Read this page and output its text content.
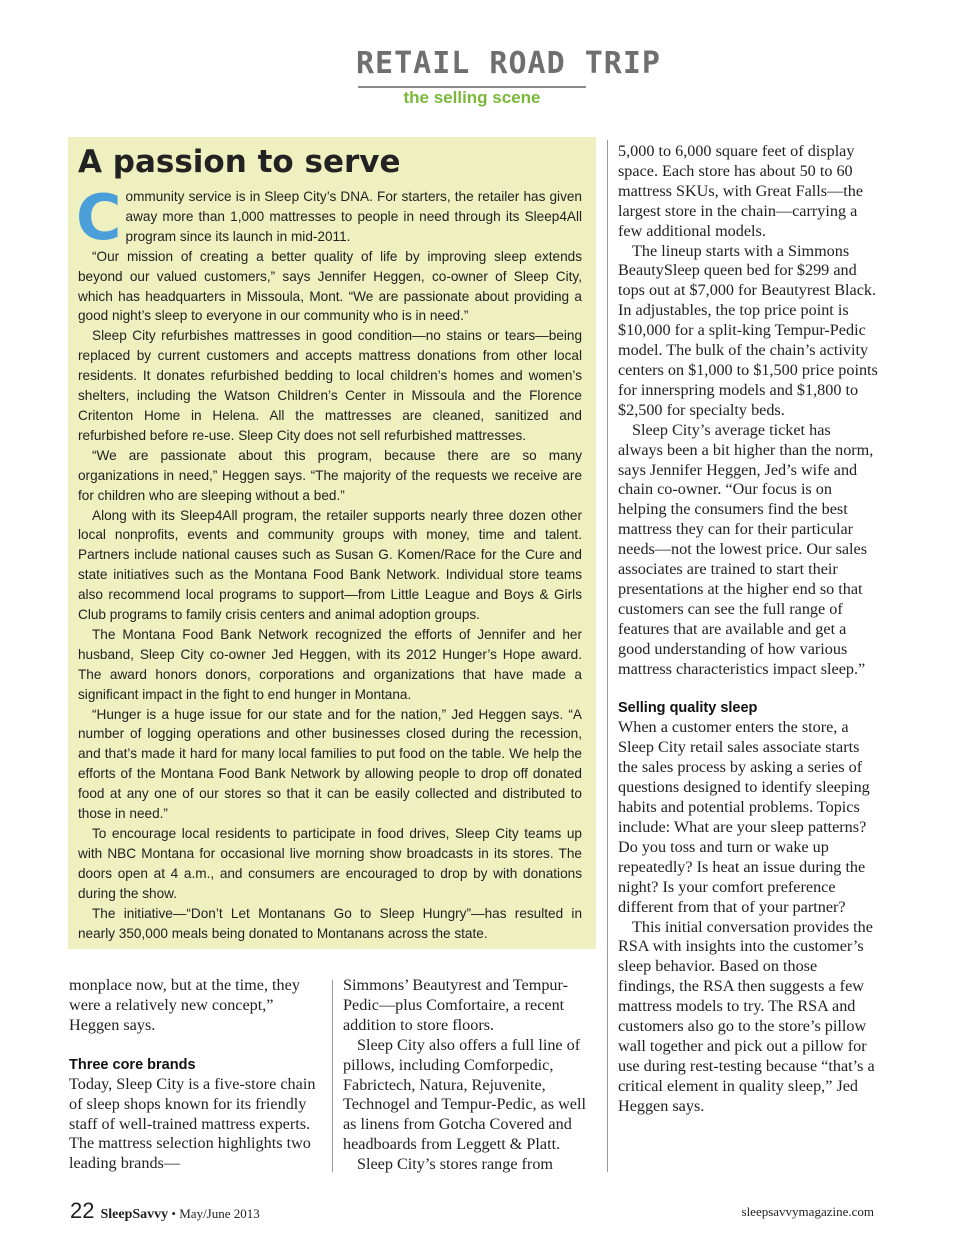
RETAIL ROAD TRIP
the selling scene
A passion to serve

Community service is in Sleep City’s DNA. For starters, the retailer has given away more than 1,000 mattresses to people in need through its Sleep4All program since its launch in mid-2011.

“Our mission of creating a better quality of life by improving sleep extends beyond our valued customers,” says Jennifer Heggen, co-owner of Sleep City, which has headquarters in Missoula, Mont. “We are passionate about providing a good night’s sleep to everyone in our community who is in need.”

Sleep City refurbishes mattresses in good condition—no stains or tears—being replaced by current customers and accepts mattress donations from other local residents. It donates refurbished bedding to local children’s homes and women’s shelters, including the Watson Children’s Center in Missoula and the Florence Critenton Home in Helena. All the mattresses are cleaned, sanitized and refurbished before re-use. Sleep City does not sell refurbished mattresses.

“We are passionate about this program, because there are so many organizations in need,” Heggen says. “The majority of the requests we receive are for children who are sleeping without a bed.”

Along with its Sleep4All program, the retailer supports nearly three dozen other local nonprofits, events and community groups with money, time and talent. Partners include national causes such as Susan G. Komen/Race for the Cure and state initiatives such as the Montana Food Bank Network. Individual store teams also recommend local programs to support—from Little League and Boys & Girls Club programs to family crisis centers and animal adoption groups.

The Montana Food Bank Network recognized the efforts of Jennifer and her husband, Sleep City co-owner Jed Heggen, with its 2012 Hunger’s Hope award. The award honors donors, corporations and organizations that have made a significant impact in the fight to end hunger in Montana.

“Hunger is a huge issue for our state and for the nation,” Jed Heggen says. “A number of logging operations and other businesses closed during the recession, and that’s made it hard for many local families to put food on the table. We help the efforts of the Montana Food Bank Network by allowing people to drop off donated food at any one of our stores so that it can be easily collected and distributed to those in need.”

To encourage local residents to participate in food drives, Sleep City teams up with NBC Montana for occasional live morning show broadcasts in its stores. The doors open at 4 a.m., and consumers are encouraged to drop by with donations during the show.

The initiative—“Don’t Let Montanans Go to Sleep Hungry”—has resulted in nearly 350,000 meals being donated to Montanans across the state.

monplace now, but at the time, they were a relatively new concept,” Heggen says.

Three core brands

Today, Sleep City is a five-store chain of sleep shops known for its friendly staff of well-trained mattress experts. The mattress selection highlights two leading brands—

Simmons’ Beautyrest and Tempur-Pedic—plus Comfortaire, a recent addition to store floors.

Sleep City also offers a full line of pillows, including Comforpedic, Fabrictech, Natura, Rejuvenite, Technogel and Tempur-Pedic, as well as linens from Gotcha Covered and headboards from Leggett & Platt.

Sleep City’s stores range from

5,000 to 6,000 square feet of display space. Each store has about 50 to 60 mattress SKUs, with Great Falls—the largest store in the chain—carrying a few additional models.

The lineup starts with a Simmons BeautySleep queen bed for $299 and tops out at $7,000 for Beautyrest Black. In adjustables, the top price point is $10,000 for a split-king Tempur-Pedic model. The bulk of the chain’s activity centers on $1,000 to $1,500 price points for innerspring models and $1,800 to $2,500 for specialty beds.

Sleep City’s average ticket has always been a bit higher than the norm, says Jennifer Heggen, Jed’s wife and chain co-owner. “Our focus is on helping the consumers find the best mattress they can for their particular needs—not the lowest price. Our sales associates are trained to start their presentations at the higher end so that customers can see the full range of features that are available and get a good understanding of how various mattress characteristics impact sleep.”

Selling quality sleep

When a customer enters the store, a Sleep City retail sales associate starts the sales process by asking a series of questions designed to identify sleeping habits and potential problems. Topics include: What are your sleep patterns? Do you toss and turn or wake up repeatedly? Is heat an issue during the night? Is your comfort preference different from that of your partner?

This initial conversation provides the RSA with insights into the customer’s sleep behavior. Based on those findings, the RSA then suggests a few mattress models to try. The RSA and customers also go to the store’s pillow wall together and pick out a pillow for use during rest-testing because “that’s a critical element in quality sleep,” Jed Heggen says.

22 SleepSavvy • May/June 2013	sleepsavvymagazine.com
